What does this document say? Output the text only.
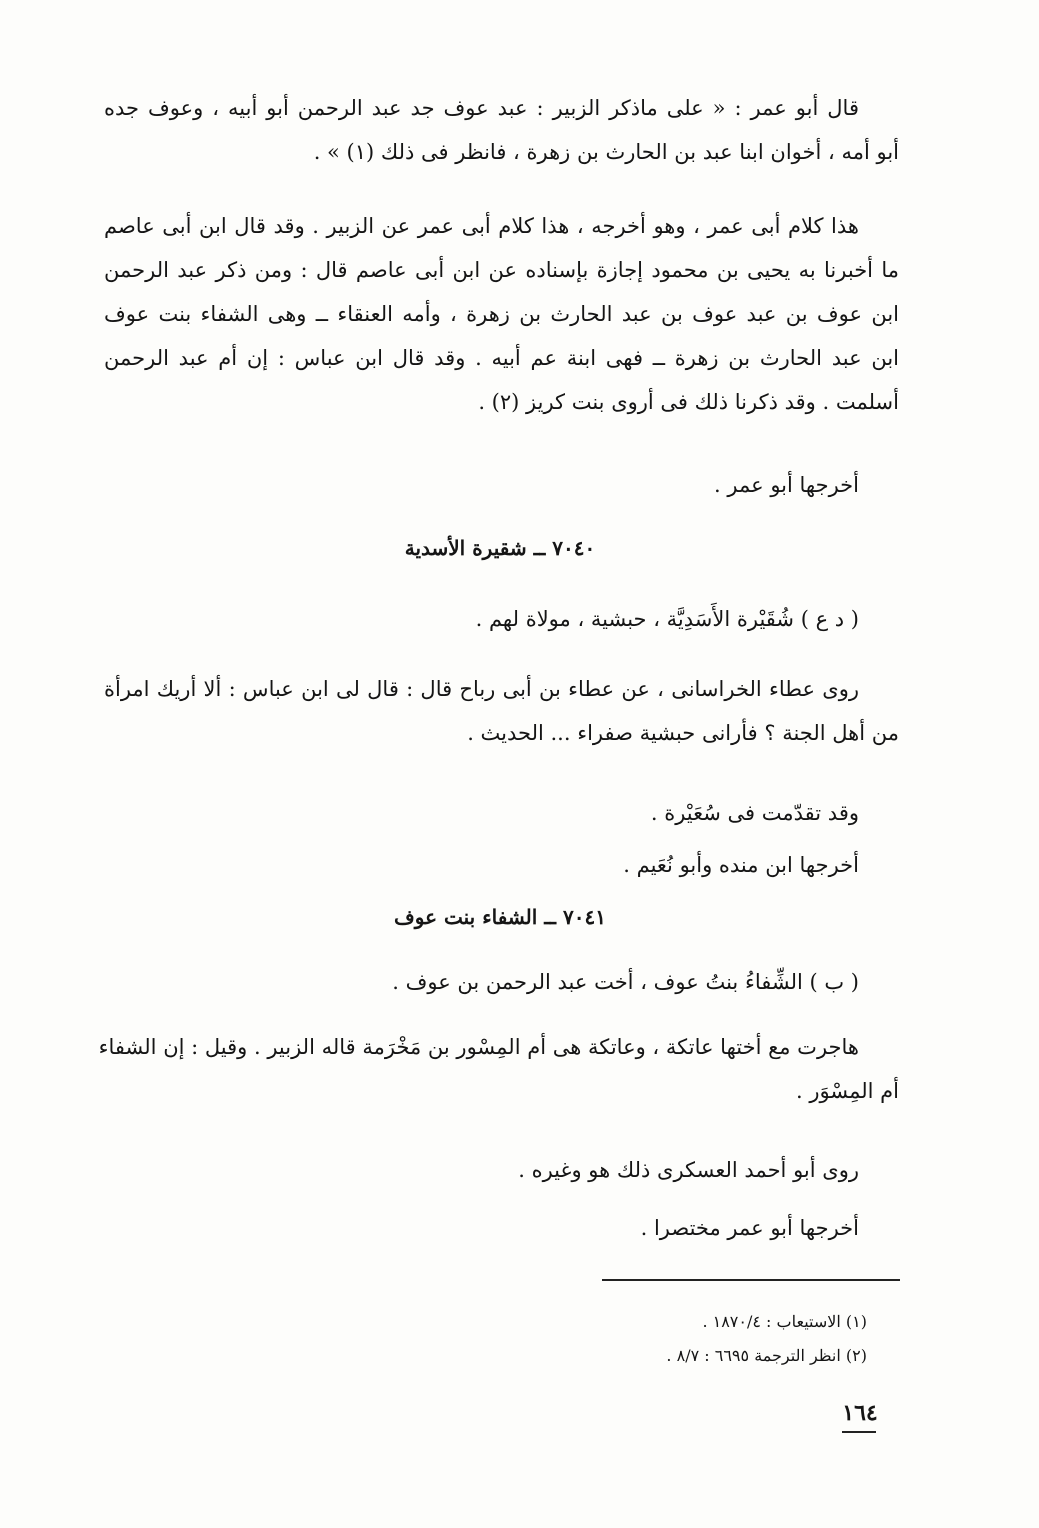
قال أبو عمر : « على ماذكر الزبير : عبد عوف جد عبد الرحمن أبو أبيه ، وعوف جده
أبو أمه ، أخوان ابنا عبد بن الحارث بن زهرة ، فانظر فى ذلك (١) » .
هذا كلام أبى عمر ، وهو أخرجه ، هذا كلام أبى عمر عن الزبير . وقد قال ابن أبى عاصم
ما أخبرنا به يحيى بن محمود إجازة بإسناده عن ابن أبى عاصم قال : ومن ذكر عبد الرحمن
ابن عوف بن عبد عوف بن عبد الحارث بن زهرة ، وأمه العنقاء ــ وهى الشفاء بنت عوف
ابن عبد الحارث بن زهرة ــ فهى ابنة عم أبيه . وقد قال ابن عباس : إن أم عبد الرحمن
أسلمت . وقد ذكرنا ذلك فى أروى بنت كريز (٢) .
أخرجها أبو عمر .
٧٠٤٠ ــ شقيرة الأسدية
( د ع ) شُقَيْرة الأَسَدِيَّة ، حبشية ، مولاة لهم .
روى عطاء الخراسانى ، عن عطاء بن أبى رباح قال : قال لى ابن عباس : ألا أريك امرأة
من أهل الجنة ؟ فأرانى حبشية صفراء ... الحديث .
وقد تقدّمت فى سُعَيْرة .
أخرجها ابن منده وأبو نُعَيم .
٧٠٤١ ــ الشفاء بنت عوف
( ب ) الشِّفاءُ بنتُ عوف ، أخت عبد الرحمن بن عوف .
هاجرت مع أختها عاتكة ، وعاتكة هى أم المِسْور بن مَخْرَمة قاله الزبير . وقيل : إن الشفاء
أم المِسْوَر .
روى أبو أحمد العسكرى ذلك هو وغيره .
أخرجها أبو عمر مختصرا .
(١) الاستيعاب : ١٨٧٠/٤ .
(٢) انظر الترجمة ٦٦٩٥ : ٨/٧ .
١٦٤
